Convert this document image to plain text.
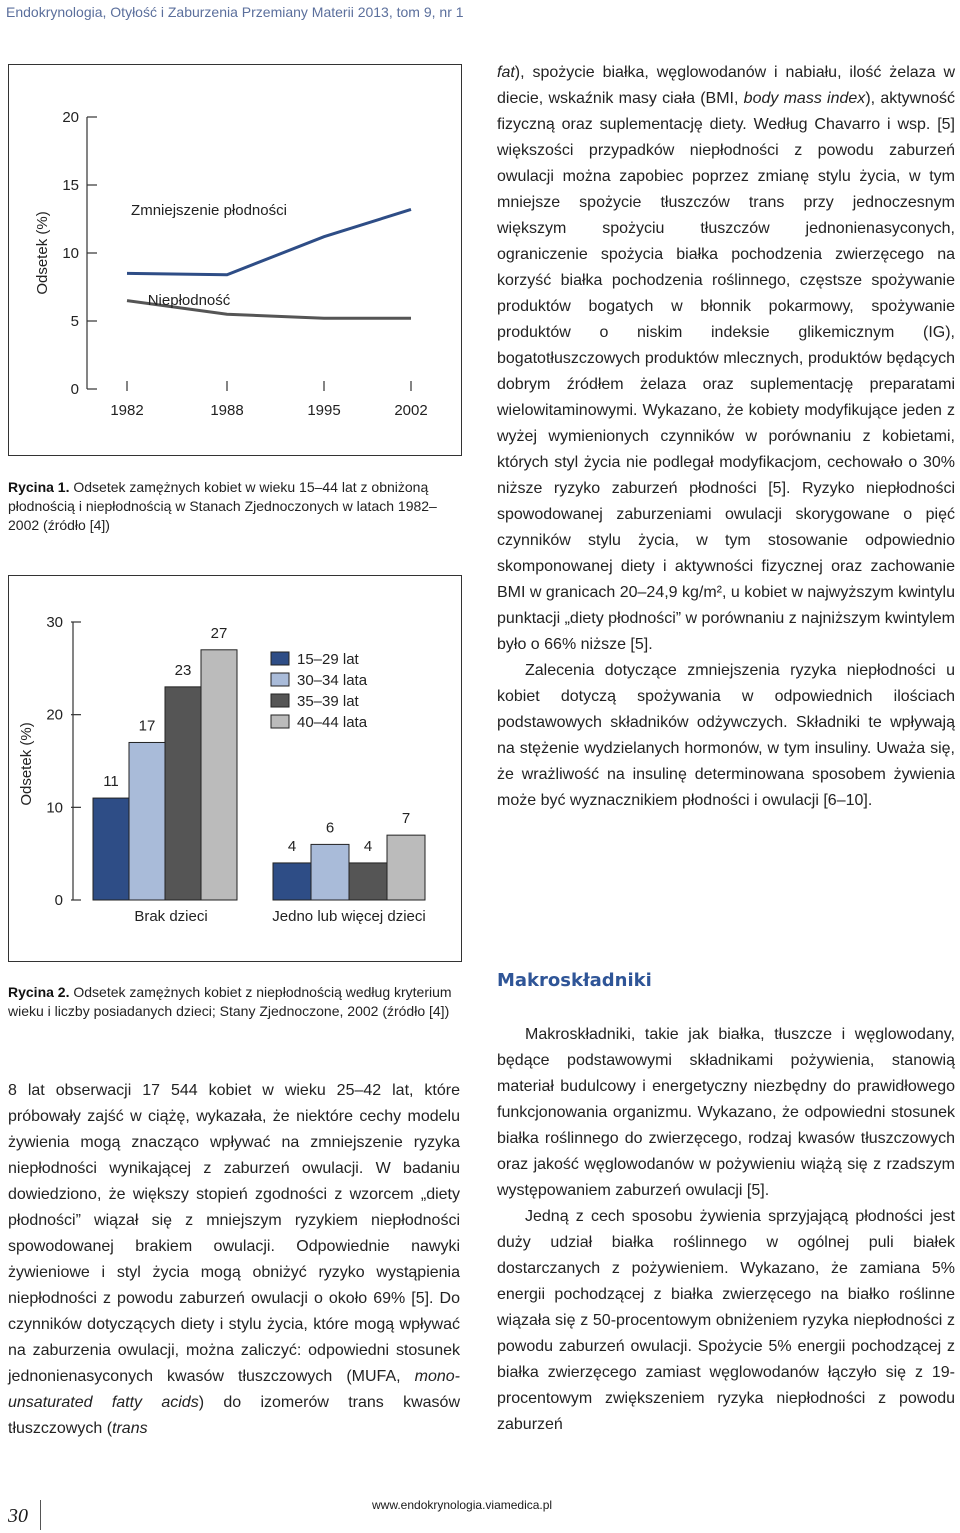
Endokrynologia, Otyłość i Zaburzenia Przemiany Materii 2013, tom 9, nr 1
Odsetek (%)
0
5
10
15
20
1982	1988	1995	2002
Zmniejszenie płodności
Niepłodność
Rycina 1. Odsetek zamężnych kobiet w wieku 15–44 lat z obniżoną płodnością i niepłodnością w Stanach Zjednoczonych w latach 1982–2002 (źródło [4])
Odsetek (%)
0
10
20
30
11
4
17
6
23
4
27
7
Brak dzieci	Jedno lub więcej dzieci
15–29 lat
30–34 lata
35–39 lat
40–44 lata
Rycina 2. Odsetek zamężnych kobiet z niepłodnością według kryterium wieku i liczby posiadanych dzieci; Stany Zjednoczone, 2002 (źródło [4])

8 lat obserwacji 17 544 kobiet w wieku 25–42 lat, które próbowały zajść w ciążę, wykazała, że niektóre cechy modelu żywienia mogą znacząco wpływać na zmniejszenie ryzyka niepłodności wynikającej z zaburzeń owulacji. W badaniu dowiedziono, że większy stopień zgodności z wzorcem „diety płodności” wiązał się z mniejszym ryzykiem niepłodności spowodowanej brakiem owulacji. Odpowiednie nawyki żywieniowe i styl życia mogą obniżyć ryzyko wystąpienia niepłodności z powodu zaburzeń owulacji o około 69% [5]. Do czynników dotyczących diety i stylu życia, które mogą wpływać na zaburzenia owulacji, można zaliczyć: odpowiedni stosunek jednonienasyconych kwasów tłuszczowych (MUFA, mono-unsaturated fatty acids) do izomerów trans kwasów tłuszczowych (trans

fat), spożycie białka, węglowodanów i nabiału, ilość żelaza w diecie, wskaźnik masy ciała (BMI, body mass index), aktywność fizyczną oraz suplementację diety. Według Chavarro i wsp. [5] większości przypadków niepłodności z powodu zaburzeń owulacji można zapobiec poprzez zmianę stylu życia, w tym mniejsze spożycie tłuszczów trans przy jednoczesnym większym spożyciu tłuszczów jednonienasyconych, ograniczenie spożycia białka pochodzenia zwierzęcego na korzyść białka pochodzenia roślinnego, częstsze spożywanie produktów bogatych w błonnik pokarmowy, spożywanie produktów o niskim indeksie glikemicznym (IG), bogatotłuszczowych produktów mlecznych, produktów będących dobrym źródłem żelaza oraz suplementację preparatami wielowitaminowymi. Wykazano, że kobiety modyfikujące jeden z wyżej wymienionych czynników w porównaniu z kobietami, których styl życia nie podlegał modyfikacjom, cechowało o 30% niższe ryzyko zaburzeń płodności [5]. Ryzyko niepłodności spowodowanej zaburzeniami owulacji skorygowane o pięć czynników stylu życia, w tym stosowanie odpowiednio skomponowanej diety i aktywności fizycznej oraz zachowanie BMI w granicach 20–24,9 kg/m², u kobiet w najwyższym kwintylu punktacji „diety płodności” w porównaniu z najniższym kwintylem było o 66% niższe [5].

Zalecenia dotyczące zmniejszenia ryzyka niepłodności u kobiet dotyczą spożywania w odpowiednich ilościach podstawowych składników odżywczych. Składniki te wpływają na stężenie wydzielanych hormonów, w tym insuliny. Uważa się, że wrażliwość na insulinę determinowana sposobem żywienia może być wyznacznikiem płodności i owulacji [6–10].

Makroskładniki

Makroskładniki, takie jak białka, tłuszcze i węglowodany, będące podstawowymi składnikami pożywienia, stanowią materiał budulcowy i energetyczny niezbędny do prawidłowego funkcjonowania organizmu. Wykazano, że odpowiedni stosunek białka roślinnego do zwierzęcego, rodzaj kwasów tłuszczowych oraz jakość węglowodanów w pożywieniu wiążą się z rzadszym występowaniem zaburzeń owulacji [5].

Jedną z cech sposobu żywienia sprzyjającą płodności jest duży udział białka roślinnego w ogólnej puli białek dostarczanych z pożywieniem. Wykazano, że zamiana 5% energii pochodzącej z białka zwierzęcego na białko roślinne wiązała się z 50-procentowym obniżeniem ryzyka niepłodności z powodu zaburzeń owulacji. Spożycie 5% energii pochodzącej z białka zwierzęcego zamiast węglowodanów łączyło się z 19-procentowym zwiększeniem ryzyka niepłodności z powodu zaburzeń

30	www.endokrynologia.viamedica.pl
